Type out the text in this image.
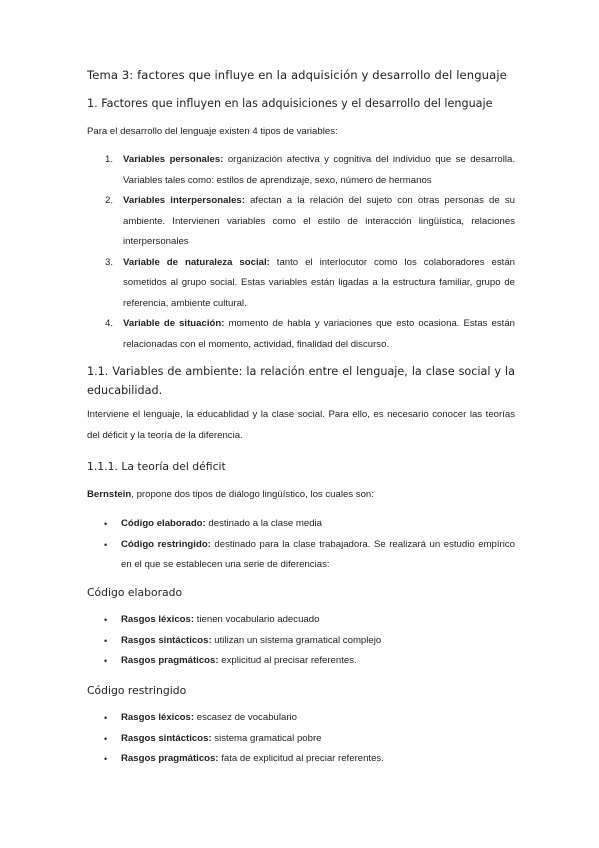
Tema 3: factores que influye en la adquisición y desarrollo del lenguaje

1. Factores que influyen en las adquisiciones y el desarrollo del lenguaje

Para el desarrollo del lenguaje existen 4 tipos de variables:

1. Variables personales: organización afectiva y cognitiva del individuo que se desarrolla. Variables tales como: estilos de aprendizaje, sexo, número de hermanos
2. Variables interpersonales: afectan a la relación del sujeto con otras personas de su ambiente. Intervienen variables como el estilo de interacción lingüística, relaciones interpersonales
3. Variable de naturaleza social: tanto el interlocutor como los colaboradores están sometidos al grupo social. Estas variables están ligadas a la estructura familiar, grupo de referencia, ambiente cultural.
4. Variable de situación: momento de habla y variaciones que esto ocasiona. Estas están relacionadas con el momento, actividad, finalidad del discurso.

1.1. Variables de ambiente: la relación entre el lenguaje, la clase social y la educabilidad.

Interviene el lenguaje, la educablidad y la clase social. Para ello, es necesario conocer las teorías del déficit y la teoría de la diferencia.

1.1.1. La teoría del déficit

Bernstein, propone dos tipos de diálogo lingüístico, los cuales son:

• Código elaborado: destinado a la clase media
• Código restringido: destinado para la clase trabajadora. Se realizará un estudio empírico en el que se establecen una serie de diferencias:

Código elaborado

• Rasgos léxicos: tienen vocabulario adecuado
• Rasgos sintácticos: utilizan un sistema gramatical complejo
• Rasgos pragmáticos: explicitud al precisar referentes.

Código restringido

• Rasgos léxicos: escasez de vocabulario
• Rasgos sintácticos: sistema gramatical pobre
• Rasgos pragmáticos: fata de explicitud al preciar referentes.
